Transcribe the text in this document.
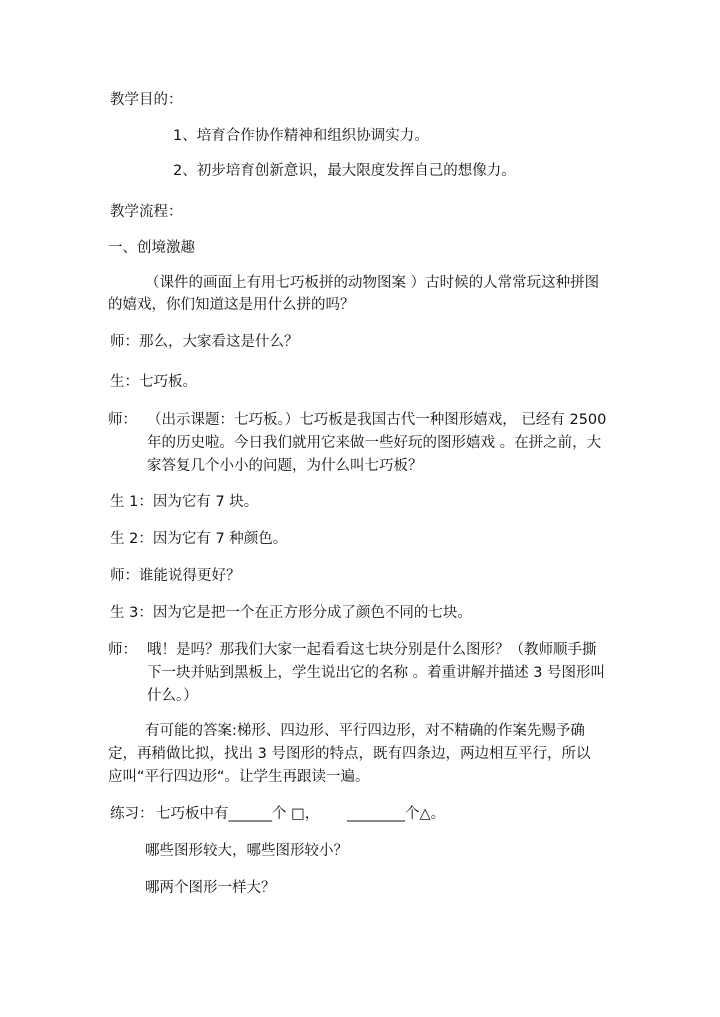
教学目的：
1、培育合作协作精神和组织协调实力。
2、初步培育创新意识，最大限度发挥自己的想像力。
教学流程：
一、创境激趣
（课件的画面上有用七巧板拼的动物图案 ）古时候的人常常玩这种拼图
的嬉戏，你们知道这是用什么拼的吗？
师：那么，大家看这是什么？
生：七巧板。
师： （出示课题：七巧板。）七巧板是我国古代一种图形嬉戏， 已经有 2500
年的历史啦。今日我们就用它来做一些好玩的图形嬉戏 。在拼之前，大
家答复几个小小的问题，为什么叫七巧板？
生 1：因为它有 7 块。
生 2：因为它有 7 种颜色。
师：谁能说得更好？
生 3：因为它是把一个在正方形分成了颜色不同的七块。
师： 哦！是吗？那我们大家一起看看这七块分别是什么图形？（教师顺手撕
下一块并贴到黑板上，学生说出它的名称 。着重讲解并描述 3 号图形叫
什么。）
有可能的答案:梯形、四边形、平行四边形，对不精确的作案先赐予确
定，再稍做比拟，找出 3 号图形的特点，既有四条边，两边相互平行，所以
应叫“平行四边形“。让学生再跟读一遍。
练习： 七巧板中有______个 □， ________个△。
哪些图形较大，哪些图形较小？
哪两个图形一样大？
